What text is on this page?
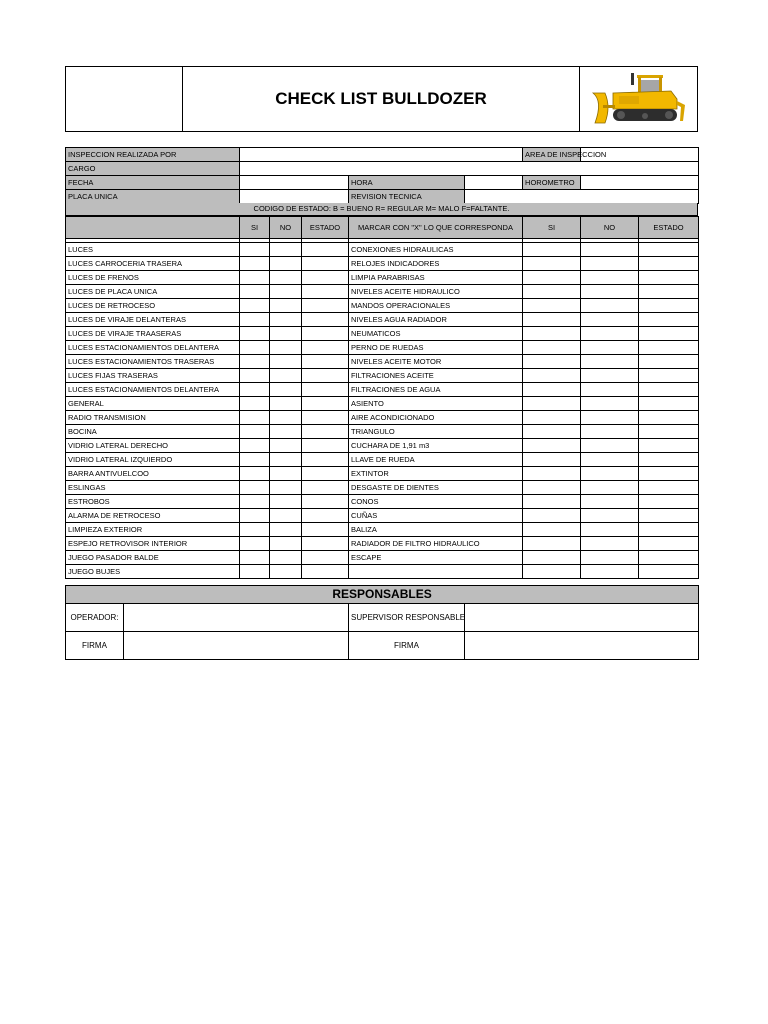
CHECK LIST BULLDOZER
INSPECCION REALIZADA POR				AREA DE INSPECCION	
CARGO					
FECHA		HORA		HOROMETRO	
PLACA UNICA		REVISION TECNICA			
CODIGO DE ESTADO: B = BUENO R= REGULAR M= MALO F=FALTANTE.
	SI	NO	ESTADO	MARCAR CON "X" LO QUE CORRESPONDA	SI	NO	ESTADO

LUCES				CONEXIONES HIDRAULICAS			
LUCES CARROCERIA TRASERA				RELOJES INDICADORES			
LUCES DE FRENOS				LIMPIA PARABRISAS			
LUCES DE PLACA UNICA				NIVELES ACEITE HIDRAULICO			
LUCES DE RETROCESO				MANDOS OPERACIONALES			
LUCES DE VIRAJE DELANTERAS				NIVELES AGUA RADIADOR			
LUCES DE VIRAJE TRAASERAS				NEUMATICOS			
LUCES ESTACIONAMIENTOS DELANTERA				PERNO DE RUEDAS			
LUCES ESTACIONAMIENTOS TRASERAS				NIVELES ACEITE MOTOR			
LUCES FIJAS TRASERAS				FILTRACIONES ACEITE			
LUCES ESTACIONAMIENTOS DELANTERA				FILTRACIONES DE AGUA			
GENERAL				ASIENTO			
RADIO TRANSMISION				AIRE ACONDICIONADO			
BOCINA				TRIANGULO			
VIDRIO LATERAL DERECHO				CUCHARA DE 1,91 m3			
VIDRIO LATERAL IZQUIERDO				LLAVE DE RUEDA			
BARRA ANTIVUELCOO				EXTINTOR			
ESLINGAS				DESGASTE DE DIENTES			
ESTROBOS				CONOS			
ALARMA DE RETROCESO				CUÑAS			
LIMPIEZA EXTERIOR				BALIZA			
ESPEJO RETROVISOR INTERIOR				RADIADOR DE FILTRO HIDRAULICO			
JUEGO PASADOR BALDE				ESCAPE			
JUEGO BUJES							
RESPONSABLES			
OPERADOR:		SUPERVISOR RESPONSABLE	
FIRMA		FIRMA	
